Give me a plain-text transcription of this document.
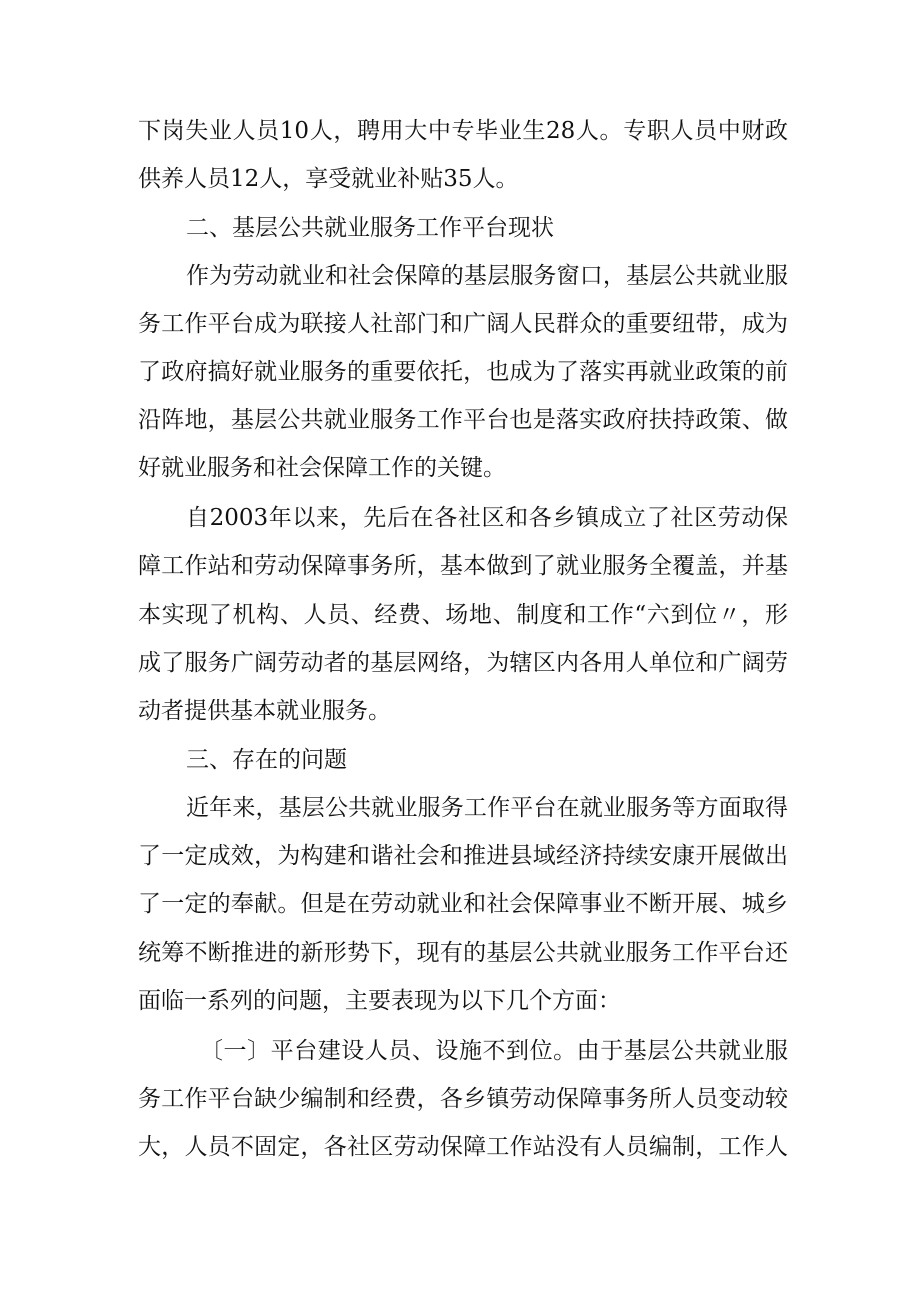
下岗失业人员10人，聘用大中专毕业生28人。专职人员中财政
供养人员12人，享受就业补贴35人。
二、基层公共就业服务工作平台现状
作为劳动就业和社会保障的基层服务窗口，基层公共就业服
务工作平台成为联接人社部门和广阔人民群众的重要纽带，成为
了政府搞好就业服务的重要依托，也成为了落实再就业政策的前
沿阵地，基层公共就业服务工作平台也是落实政府扶持政策、做
好就业服务和社会保障工作的关键。
自2003年以来，先后在各社区和各乡镇成立了社区劳动保
障工作站和劳动保障事务所，基本做到了就业服务全覆盖，并基
本实现了机构、人员、经费、场地、制度和工作“六到位〃，形
成了服务广阔劳动者的基层网络，为辖区内各用人单位和广阔劳
动者提供基本就业服务。
三、存在的问题
近年来，基层公共就业服务工作平台在就业服务等方面取得
了一定成效，为构建和谐社会和推进县域经济持续安康开展做出
了一定的奉献。但是在劳动就业和社会保障事业不断开展、城乡
统筹不断推进的新形势下，现有的基层公共就业服务工作平台还
面临一系列的问题，主要表现为以下几个方面：
〔一〕平台建设人员、设施不到位。由于基层公共就业服
务工作平台缺少编制和经费，各乡镇劳动保障事务所人员变动较
大，人员不固定，各社区劳动保障工作站没有人员编制，工作人
